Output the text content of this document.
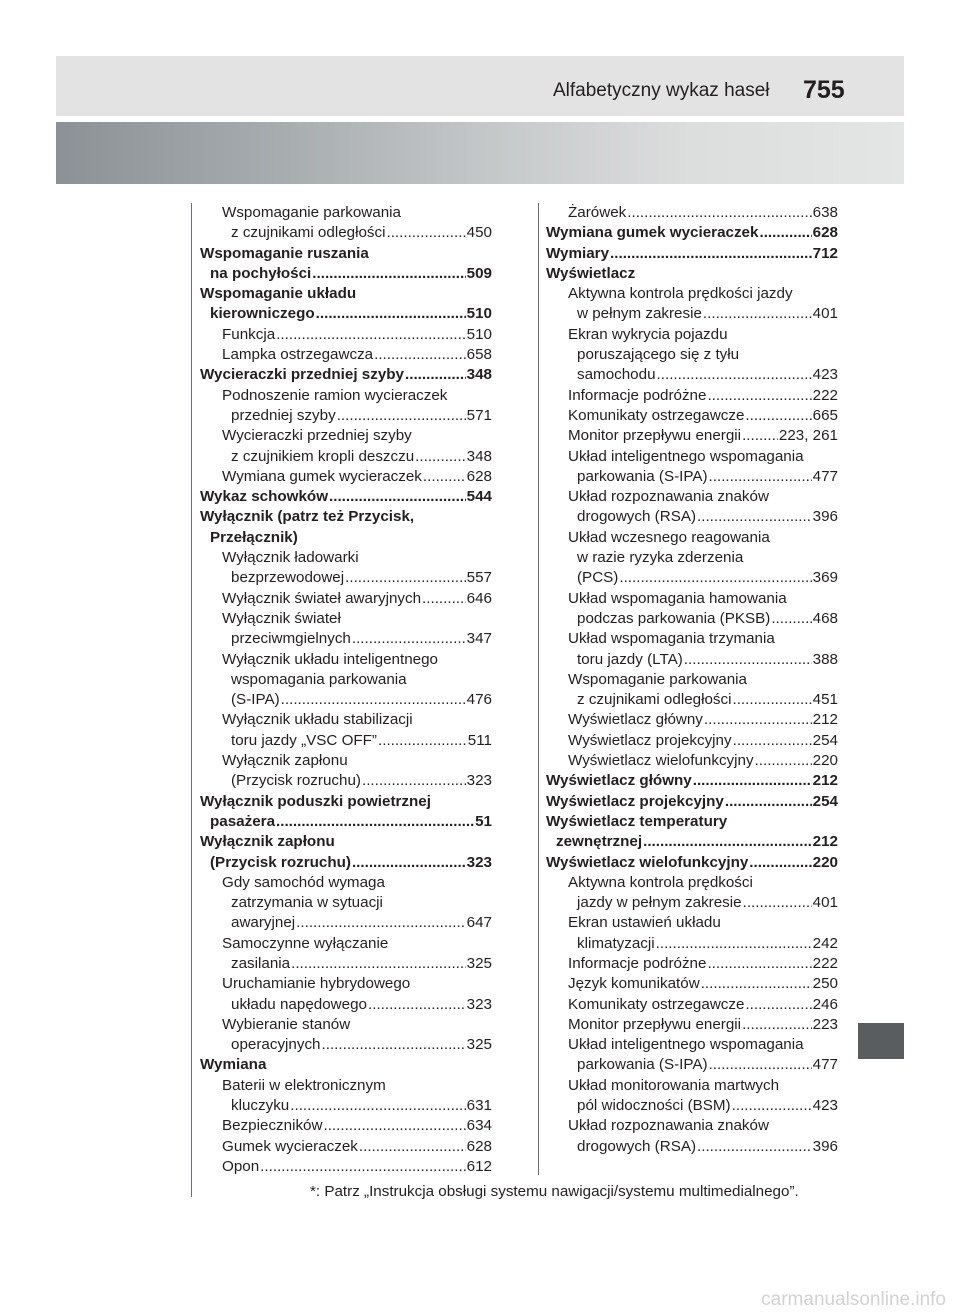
Alfabetyczny wykaz haseł 755
Wspomaganie parkowania
z czujnikami odległości .....	450
Wspomaganie ruszania
na pochyłości .....	509
Wspomaganie układu
kierowniczego .....	510
Funkcja .....	510
Lampka ostrzegawcza .....	658
Wycieraczki przedniej szyby .....	348
Podnoszenie ramion wycieraczek
przedniej szyby .....	571
Wycieraczki przedniej szyby
z czujnikiem kropli deszczu .....	348
Wymiana gumek wycieraczek .....	628
Wykaz schowków .....	544
Wyłącznik (patrz też Przycisk,
Przełącznik)
Wyłącznik ładowarki
bezprzewodowej .....	557
Wyłącznik świateł awaryjnych .....	646
Wyłącznik świateł
przeciwmgielnych .....	347
Wyłącznik układu inteligentnego
wspomagania parkowania
(S-IPA) .....	476
Wyłącznik układu stabilizacji
toru jazdy „VSC OFF” .....	511
Wyłącznik zapłonu
(Przycisk rozruchu) .....	323
Wyłącznik poduszki powietrznej
pasażera .....	51
Wyłącznik zapłonu
(Przycisk rozruchu) .....	323
Gdy samochód wymaga
zatrzymania w sytuacji
awaryjnej .....	647
Samoczynne wyłączanie
zasilania .....	325
Uruchamianie hybrydowego
układu napędowego .....	323
Wybieranie stanów
operacyjnych .....	325
Wymiana
Baterii w elektronicznym
kluczyku .....	631
Bezpieczników .....	634
Gumek wycieraczek .....	628
Opon .....	612
Żarówek .....	638
Wymiana gumek wycieraczek .....	628
Wymiary .....	712
Wyświetlacz
Aktywna kontrola prędkości jazdy
w pełnym zakresie .....	401
Ekran wykrycia pojazdu
poruszającego się z tyłu
samochodu .....	423
Informacje podróżne .....	222
Komunikaty ostrzegawcze .....	665
Monitor przepływu energii ..... 223, 261
Układ inteligentnego wspomagania
parkowania (S-IPA) .....	477
Układ rozpoznawania znaków
drogowych (RSA) .....	396
Układ wczesnego reagowania
w razie ryzyka zderzenia
(PCS) .....	369
Układ wspomagania hamowania
podczas parkowania (PKSB) .....	468
Układ wspomagania trzymania
toru jazdy (LTA) .....	388
Wspomaganie parkowania
z czujnikami odległości .....	451
Wyświetlacz główny .....	212
Wyświetlacz projekcyjny .....	254
Wyświetlacz wielofunkcyjny .....	220
Wyświetlacz główny .....	212
Wyświetlacz projekcyjny .....	254
Wyświetlacz temperatury
zewnętrznej .....	212
Wyświetlacz wielofunkcyjny .....	220
Aktywna kontrola prędkości
jazdy w pełnym zakresie .....	401
Ekran ustawień układu
klimatyzacji .....	242
Informacje podróżne .....	222
Język komunikatów .....	250
Komunikaty ostrzegawcze .....	246
Monitor przepływu energii .....	223
Układ inteligentnego wspomagania
parkowania (S-IPA) .....	477
Układ monitorowania martwych
pól widoczności (BSM) .....	423
Układ rozpoznawania znaków
drogowych (RSA) .....	396
*: Patrz „Instrukcja obsługi systemu nawigacji/systemu multimedialnego”.
carmanualsonline.info
